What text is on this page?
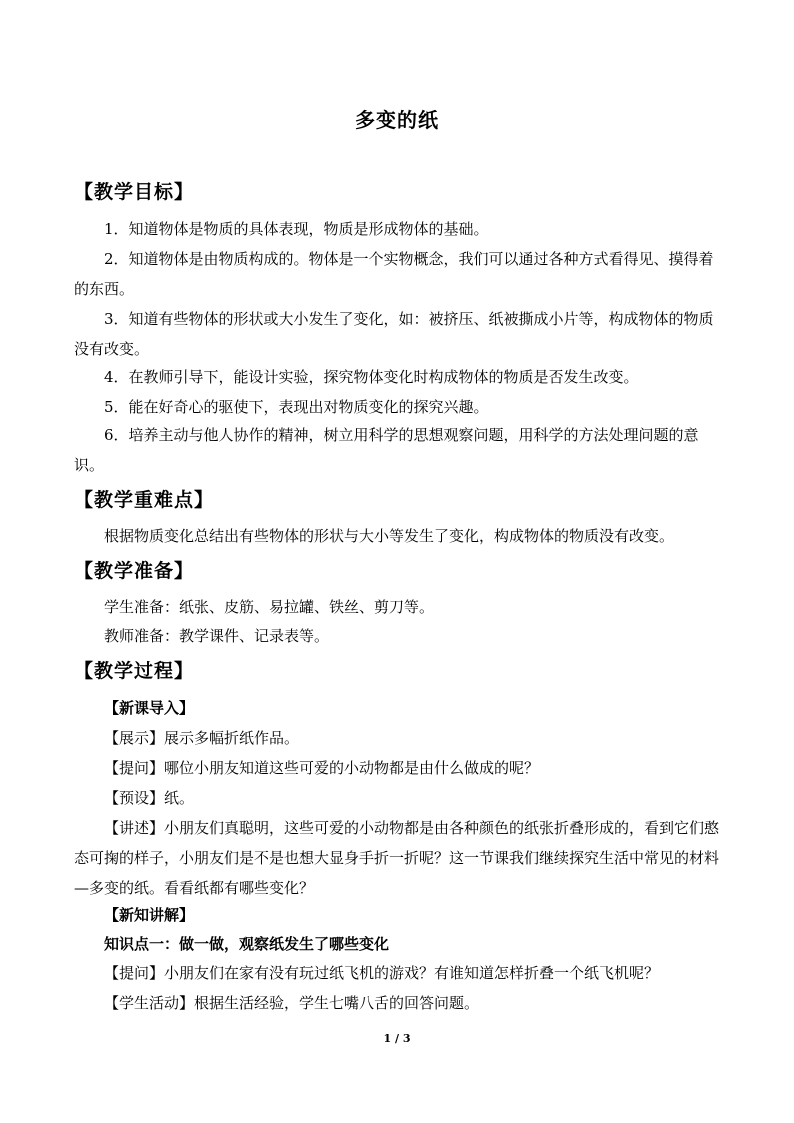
多变的纸
【教学目标】
1．知道物体是物质的具体表现，物质是形成物体的基础。
2．知道物体是由物质构成的。物体是一个实物概念，我们可以通过各种方式看得见、摸得着的东西。
3．知道有些物体的形状或大小发生了变化，如：被挤压、纸被撕成小片等，构成物体的物质没有改变。
4．在教师引导下，能设计实验，探究物体变化时构成物体的物质是否发生改变。
5．能在好奇心的驱使下，表现出对物质变化的探究兴趣。
6．培养主动与他人协作的精神，树立用科学的思想观察问题，用科学的方法处理问题的意识。
【教学重难点】
根据物质变化总结出有些物体的形状与大小等发生了变化，构成物体的物质没有改变。
【教学准备】
学生准备：纸张、皮筋、易拉罐、铁丝、剪刀等。
教师准备：教学课件、记录表等。
【教学过程】
【新课导入】
【展示】展示多幅折纸作品。
【提问】哪位小朋友知道这些可爱的小动物都是由什么做成的呢？
【预设】纸。
【讲述】小朋友们真聪明，这些可爱的小动物都是由各种颜色的纸张折叠形成的，看到它们憨态可掬的样子，小朋友们是不是也想大显身手折一折呢？这一节课我们继续探究生活中常见的材料—多变的纸。看看纸都有哪些变化？
【新知讲解】
知识点一：做一做，观察纸发生了哪些变化
【提问】小朋友们在家有没有玩过纸飞机的游戏？有谁知道怎样折叠一个纸飞机呢？
【学生活动】根据生活经验，学生七嘴八舌的回答问题。
1 / 3
